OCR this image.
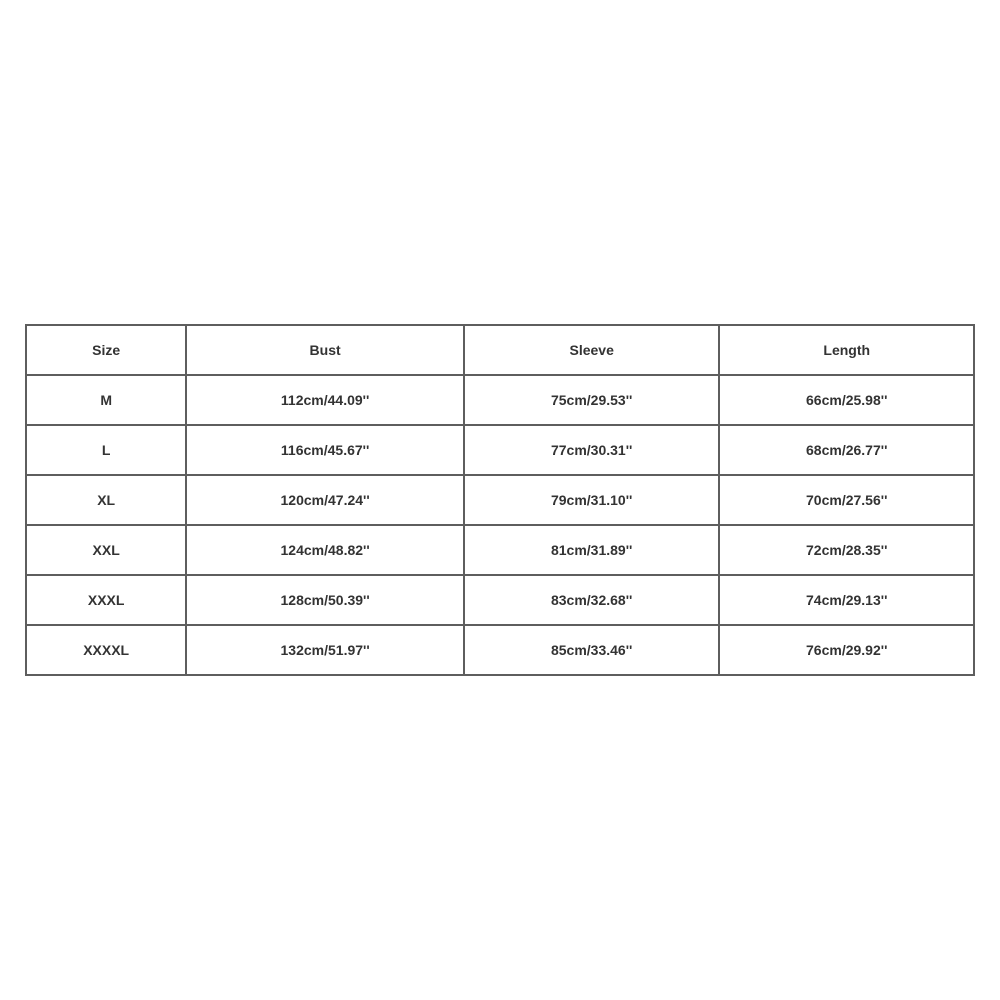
Size	Bust	Sleeve	Length
M	112cm/44.09''	75cm/29.53''	66cm/25.98''
L	116cm/45.67''	77cm/30.31''	68cm/26.77''
XL	120cm/47.24''	79cm/31.10''	70cm/27.56''
XXL	124cm/48.82''	81cm/31.89''	72cm/28.35''
XXXL	128cm/50.39''	83cm/32.68''	74cm/29.13''
XXXXL	132cm/51.97''	85cm/33.46''	76cm/29.92''
